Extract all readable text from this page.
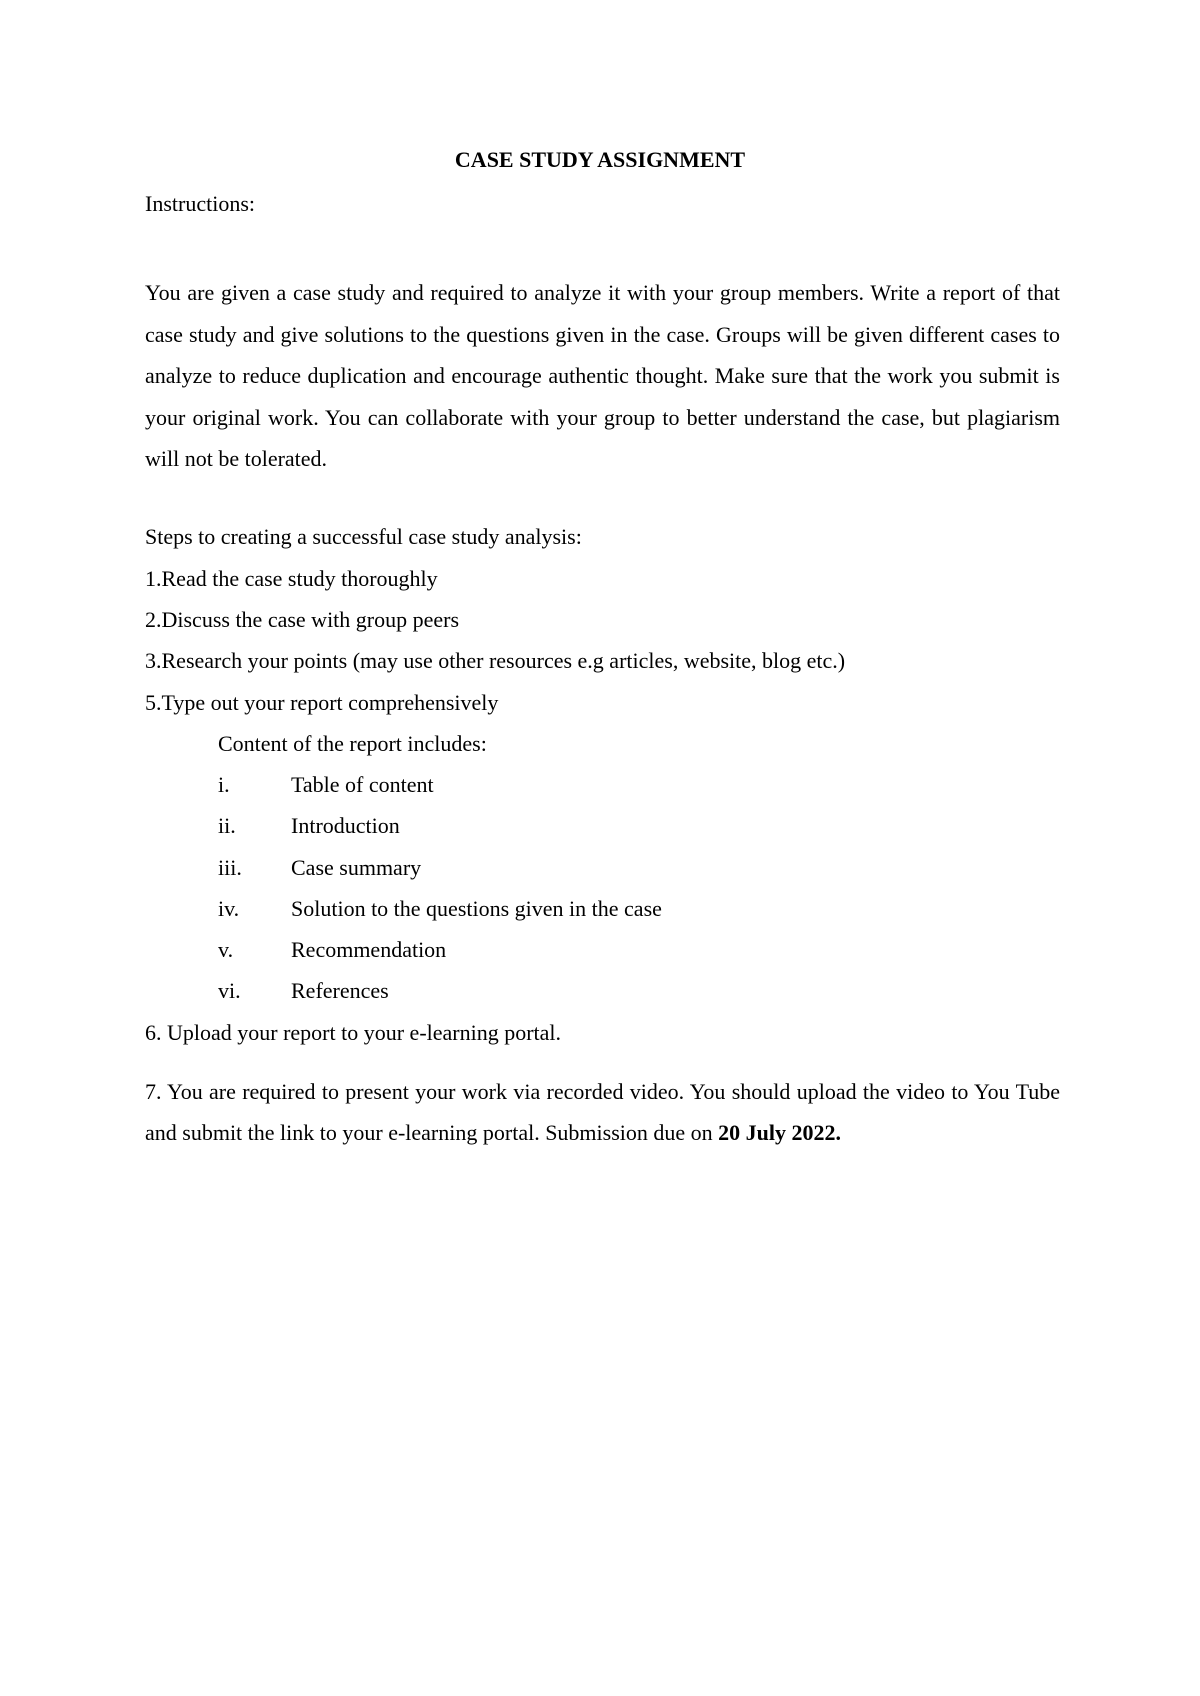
CASE STUDY ASSIGNMENT
Instructions:
You are given a case study and required to analyze it with your group members. Write a report of that case study and give solutions to the questions given in the case. Groups will be given different cases to analyze to reduce duplication and encourage authentic thought. Make sure that the work you submit is your original work. You can collaborate with your group to better understand the case, but plagiarism will not be tolerated.
Steps to creating a successful case study analysis:
1.Read the case study thoroughly
2.Discuss the case with group peers
3.Research your points (may use other resources e.g articles, website, blog etc.)
5.Type out your report comprehensively
Content of the report includes:
i.	Table of content
ii.	Introduction
iii. Case summary
iv. Solution to the questions given in the case
v.	Recommendation
vi. References
6. Upload your report to your e-learning portal.
7. You are required to present your work via recorded video. You should upload the video to You Tube and submit the link to your e-learning portal. Submission due on 20 July 2022.
